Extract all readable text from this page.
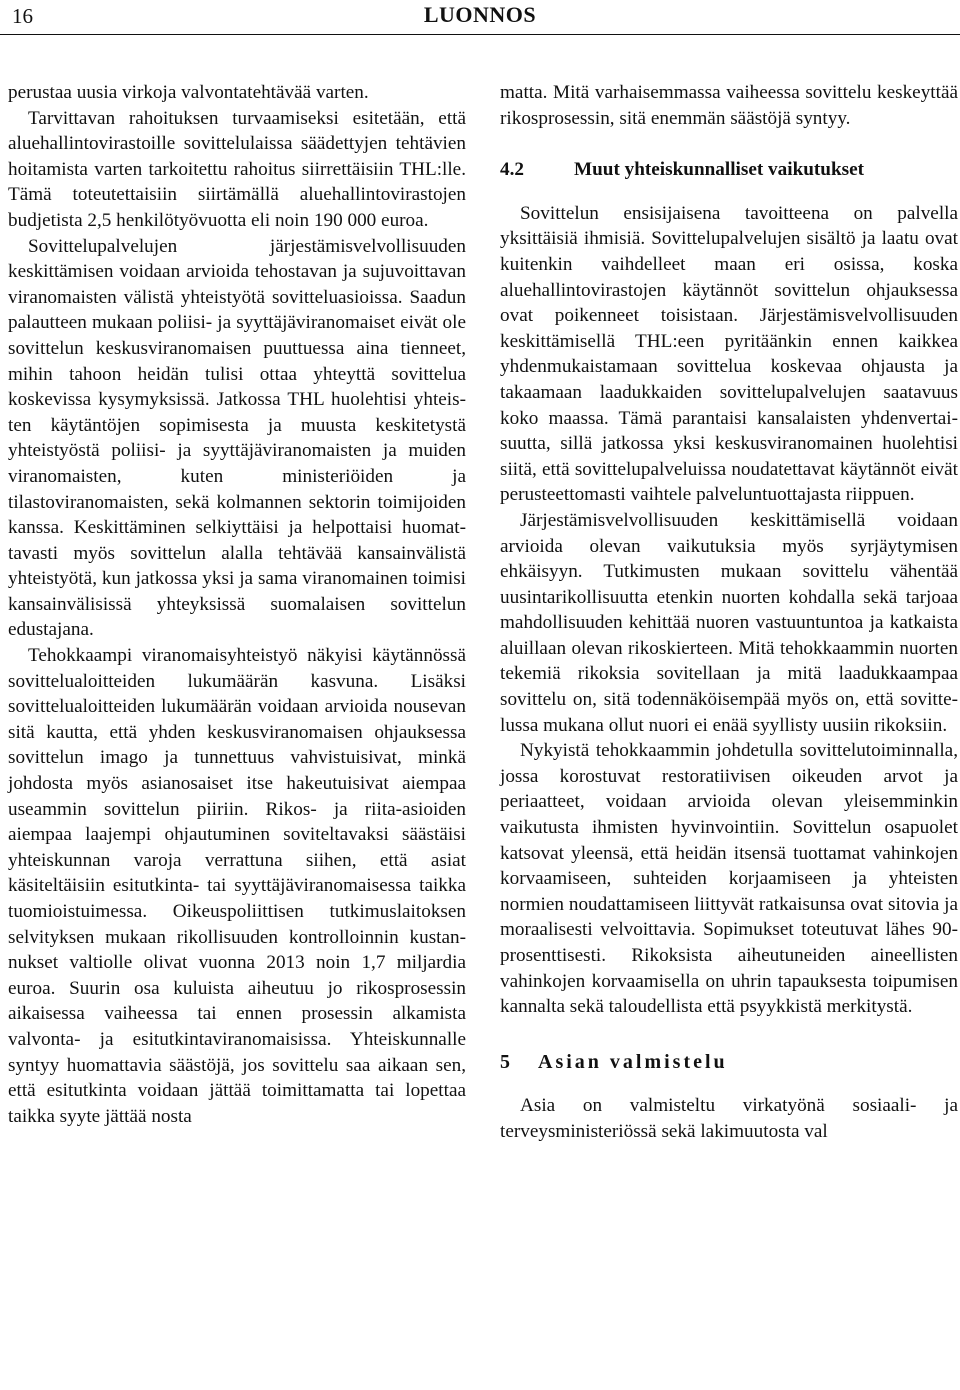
16	LUONNOS

perustaa uusia virkoja valvontatehtävää varten.

Tarvittavan rahoituksen turvaamiseksi esitetään, että aluehallintovirastoille sovittelulaissa säädettyjen tehtävien hoitamista varten tarkoitettu rahoitus siirrettäisiin THL:lle. Tämä toteutettaisiin siirtämällä aluehallintovirastojen budjetista 2,5 henkilötyövuotta eli noin 190 000 euroa.

Sovittelupalvelujen järjestämisvelvollisuuden keskittämisen voidaan arvioida tehostavan ja sujuvoittavan viranomaisten välistä yhteistyötä sovitteluasioissa. Saadun palautteen mukaan poliisi- ja syyttäjäviranomaiset eivät ole sovittelun keskusviranomaisen puuttuessa aina tienneet, mihin tahoon heidän tulisi ottaa yhteyttä sovittelua koskevissa kysymyksissä. Jatkossa THL huolehtisi yhteisten käytäntöjen sopimisesta ja muusta keskitetystä yhteistyöstä poliisi- ja syyttäjäviranomaisten ja muiden viranomaisten, kuten ministeriöiden ja tilastoviranomaisten, sekä kolmannen sektorin toimijoiden kanssa. Keskittäminen selkiyttäisi ja helpottaisi huomattavasti myös sovittelun alalla tehtävää kansainvälistä yhteistyötä, kun jatkossa yksi ja sama viranomainen toimisi kansainvälisissä yhteyksissä suomalaisen sovittelun edustajana.

Tehokkaampi viranomaisyhteistyö näkyisi käytännössä sovittelualoitteiden lukumäärän kasvuna. Lisäksi sovittelualoitteiden lukumäärän voidaan arvioida nousevan sitä kautta, että yhden keskusviranomaisen ohjauksessa sovittelun imago ja tunnettuus vahvistuisivat, minkä johdosta myös asianosaiset itse hakeutuisivat aiempaa useammin sovittelun piiriin. Rikos- ja riita-asioiden aiempaa laajempi ohjautuminen soviteltavaksi säästäisi yhteiskunnan varoja verrattuna siihen, että asiat käsiteltäisiin esitutkinta- tai syyttäjäviranomaisessa taikka tuomioistuimessa. Oikeuspoliittisen tutkimuslaitoksen selvityksen mukaan rikollisuuden kontrolloinnin kustannukset valtiolle olivat vuonna 2013 noin 1,7 miljardia euroa. Suurin osa kuluista aiheutuu jo rikosprosessin aikaisessa vaiheessa tai ennen prosessin alkamista valvonta- ja esitutkintaviranomaisissa. Yhteiskunnalle syntyy huomattavia säästöjä, jos sovittelu saa aikaan sen, että esitutkinta voidaan jättää toimittamatta tai lopettaa taikka syyte jättää nosta

matta. Mitä varhaisemmassa vaiheessa sovittelu keskeyttää rikosprosessin, sitä enemmän säästöjä syntyy.

4.2	Muut yhteiskunnalliset vaikutukset

Sovittelun ensisijaisena tavoitteena on palvella yksittäisiä ihmisiä. Sovittelupalvelujen sisältö ja laatu ovat kuitenkin vaihdelleet maan eri osissa, koska aluehallintovirastojen käytännöt sovittelun ohjauksessa ovat poikenneet toisistaan. Järjestämisvelvollisuuden keskittämisellä THL:een pyritäänkin ennen kaikkea yhdenmukaistamaan sovittelua koskevaa ohjausta ja takaamaan laadukkaiden sovittelupalvelujen saatavuus koko maassa. Tämä parantaisi kansalaisten yhdenvertaisuutta, sillä jatkossa yksi keskusviranomainen huolehtisi siitä, että sovittelupalveluissa noudatettavat käytännöt eivät perusteettomasti vaihtele palveluntuottajasta riippuen.

Järjestämisvelvollisuuden keskittämisellä voidaan arvioida olevan vaikutuksia myös syrjäytymisen ehkäisyyn. Tutkimusten mukaan sovittelu vähentää uusintarikollisuutta etenkin nuorten kohdalla sekä tarjoaa mahdollisuuden kehittää nuoren vastuuntuntoa ja katkaista aluillaan olevan rikoskierteen. Mitä tehokkaammin nuorten tekemiä rikoksia sovitellaan ja mitä laadukkaampaa sovittelu on, sitä todennäköisempää myös on, että sovittelussa mukana ollut nuori ei enää syyllisty uusiin rikoksiin.

Nykyistä tehokkaammin johdetulla sovittelutoiminnalla, jossa korostuvat restoratiivisen oikeuden arvot ja periaatteet, voidaan arvioida olevan yleisemminkin vaikutusta ihmisten hyvinvointiin. Sovittelun osapuolet katsovat yleensä, että heidän itsensä tuottamat vahinkojen korvaamiseen, suhteiden korjaamiseen ja yhteisten normien noudattamiseen liittyvät ratkaisunsa ovat sitovia ja moraalisesti velvoittavia. Sopimukset toteutuvat lähes 90-prosenttisesti. Rikoksista aiheutuneiden aineellisten vahinkojen korvaamisella on uhrin tapauksesta toipumisen kannalta sekä taloudellista että psyykkistä merkitystä.

5	Asian valmistelu

Asia on valmisteltu virkatyönä sosiaali- ja terveysministeriössä sekä lakimuutosta val
